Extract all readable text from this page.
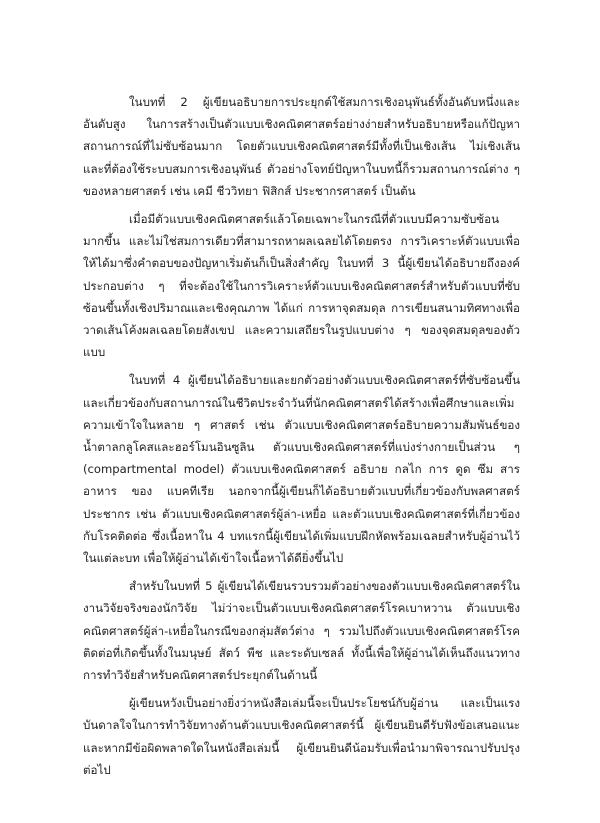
ในบทที่ 2 ผู้เขียนอธิบายการประยุกต์ใช้สมการเชิงอนุพันธ์ทั้งอันดับหนึ่งและอันดับสูง ในการสร้างเป็นตัวแบบเชิงคณิตศาสตร์อย่างง่ายสำหรับอธิบายหรือแก้ปัญหาสถานการณ์ที่ไม่ซับซ้อนมาก โดยตัวแบบเชิงคณิตศาสตร์มีทั้งที่เป็นเชิงเส้น ไม่เชิงเส้น และที่ต้องใช้ระบบสมการเชิงอนุพันธ์ ตัวอย่างโจทย์ปัญหาในบทนี้ก็รวมสถานการณ์ต่าง ๆ ของหลายศาสตร์ เช่น เคมี ชีววิทยา ฟิสิกส์ ประชากรศาสตร์ เป็นต้น

เมื่อมีตัวแบบเชิงคณิตศาสตร์แล้วโดยเฉพาะในกรณีที่ตัวแบบมีความซับซ้อนมากขึ้น และไม่ใช่สมการเดียวที่สามารถหาผลเฉลยได้โดยตรง การวิเคราะห์ตัวแบบเพื่อให้ได้มาซึ่งคำตอบของปัญหาเริ่มต้นก็เป็นสิ่งสำคัญ ในบทที่ 3 นี้ผู้เขียนได้อธิบายถึงองค์ประกอบต่าง ๆ ที่จะต้องใช้ในการวิเคราะห์ตัวแบบเชิงคณิตศาสตร์สำหรับตัวแบบที่ซับซ้อนขึ้นทั้งเชิงปริมาณและเชิงคุณภาพ ได้แก่ การหาจุดสมดุล การเขียนสนามทิศทางเพื่อวาดเส้นโค้งผลเฉลยโดยสังเขป และความเสถียรในรูปแบบต่าง ๆ ของจุดสมดุลของตัวแบบ

ในบทที่ 4 ผู้เขียนได้อธิบายและยกตัวอย่างตัวแบบเชิงคณิตศาสตร์ที่ซับซ้อนขึ้นและเกี่ยวข้องกับสถานการณ์ในชีวิตประจำวันที่นักคณิตศาสตร์ได้สร้างเพื่อศึกษาและเพิ่มความเข้าใจในหลาย ๆ ศาสตร์ เช่น ตัวแบบเชิงคณิตศาสตร์อธิบายความสัมพันธ์ของน้ำตาลกลูโคสและฮอร์โมนอินซูลิน ตัวแบบเชิงคณิตศาสตร์ที่แบ่งร่างกายเป็นส่วน ๆ (compartmental model) ตัวแบบเชิงคณิตศาสตร์ อธิบาย กลไก การ ดูด ซึม สาร อาหาร ของ แบคทีเรีย นอกจากนี้ผู้เขียนก็ได้อธิบายตัวแบบที่เกี่ยวข้องกับพลศาสตร์ประชากร เช่น ตัวแบบเชิงคณิตศาสตร์ผู้ล่า-เหยื่อ และตัวแบบเชิงคณิตศาสตร์ที่เกี่ยวข้องกับโรคติดต่อ ซึ่งเนื้อหาใน 4 บทแรกนี้ผู้เขียนได้เพิ่มแบบฝึกหัดพร้อมเฉลยสำหรับผู้อ่านไว้ในแต่ละบท เพื่อให้ผู้อ่านได้เข้าใจเนื้อหาได้ดียิ่งขึ้นไป

สำหรับในบทที่ 5 ผู้เขียนได้เขียนรวบรวมตัวอย่างของตัวแบบเชิงคณิตศาสตร์ในงานวิจัยจริงของนักวิจัย ไม่ว่าจะเป็นตัวแบบเชิงคณิตศาสตร์โรคเบาหวาน ตัวแบบเชิงคณิตศาสตร์ผู้ล่า-เหยื่อในกรณีของกลุ่มสัตว์ต่าง ๆ รวมไปถึงตัวแบบเชิงคณิตศาสตร์โรคติดต่อที่เกิดขึ้นทั้งในมนุษย์ สัตว์ พืช และระดับเซลล์ ทั้งนี้เพื่อให้ผู้อ่านได้เห็นถึงแนวทางการทำวิจัยสำหรับคณิตศาสตร์ประยุกต์ในด้านนี้

ผู้เขียนหวังเป็นอย่างยิ่งว่าหนังสือเล่มนี้จะเป็นประโยชน์กับผู้อ่าน และเป็นแรงบันดาลใจในการทำวิจัยทางด้านตัวแบบเชิงคณิตศาสตร์นี้ ผู้เขียนยินดีรับฟังข้อเสนอแนะและหากมีข้อผิดพลาดใดในหนังสือเล่มนี้ ผู้เขียนยินดีน้อมรับเพื่อนำมาพิจารณาปรับปรุงต่อไป
